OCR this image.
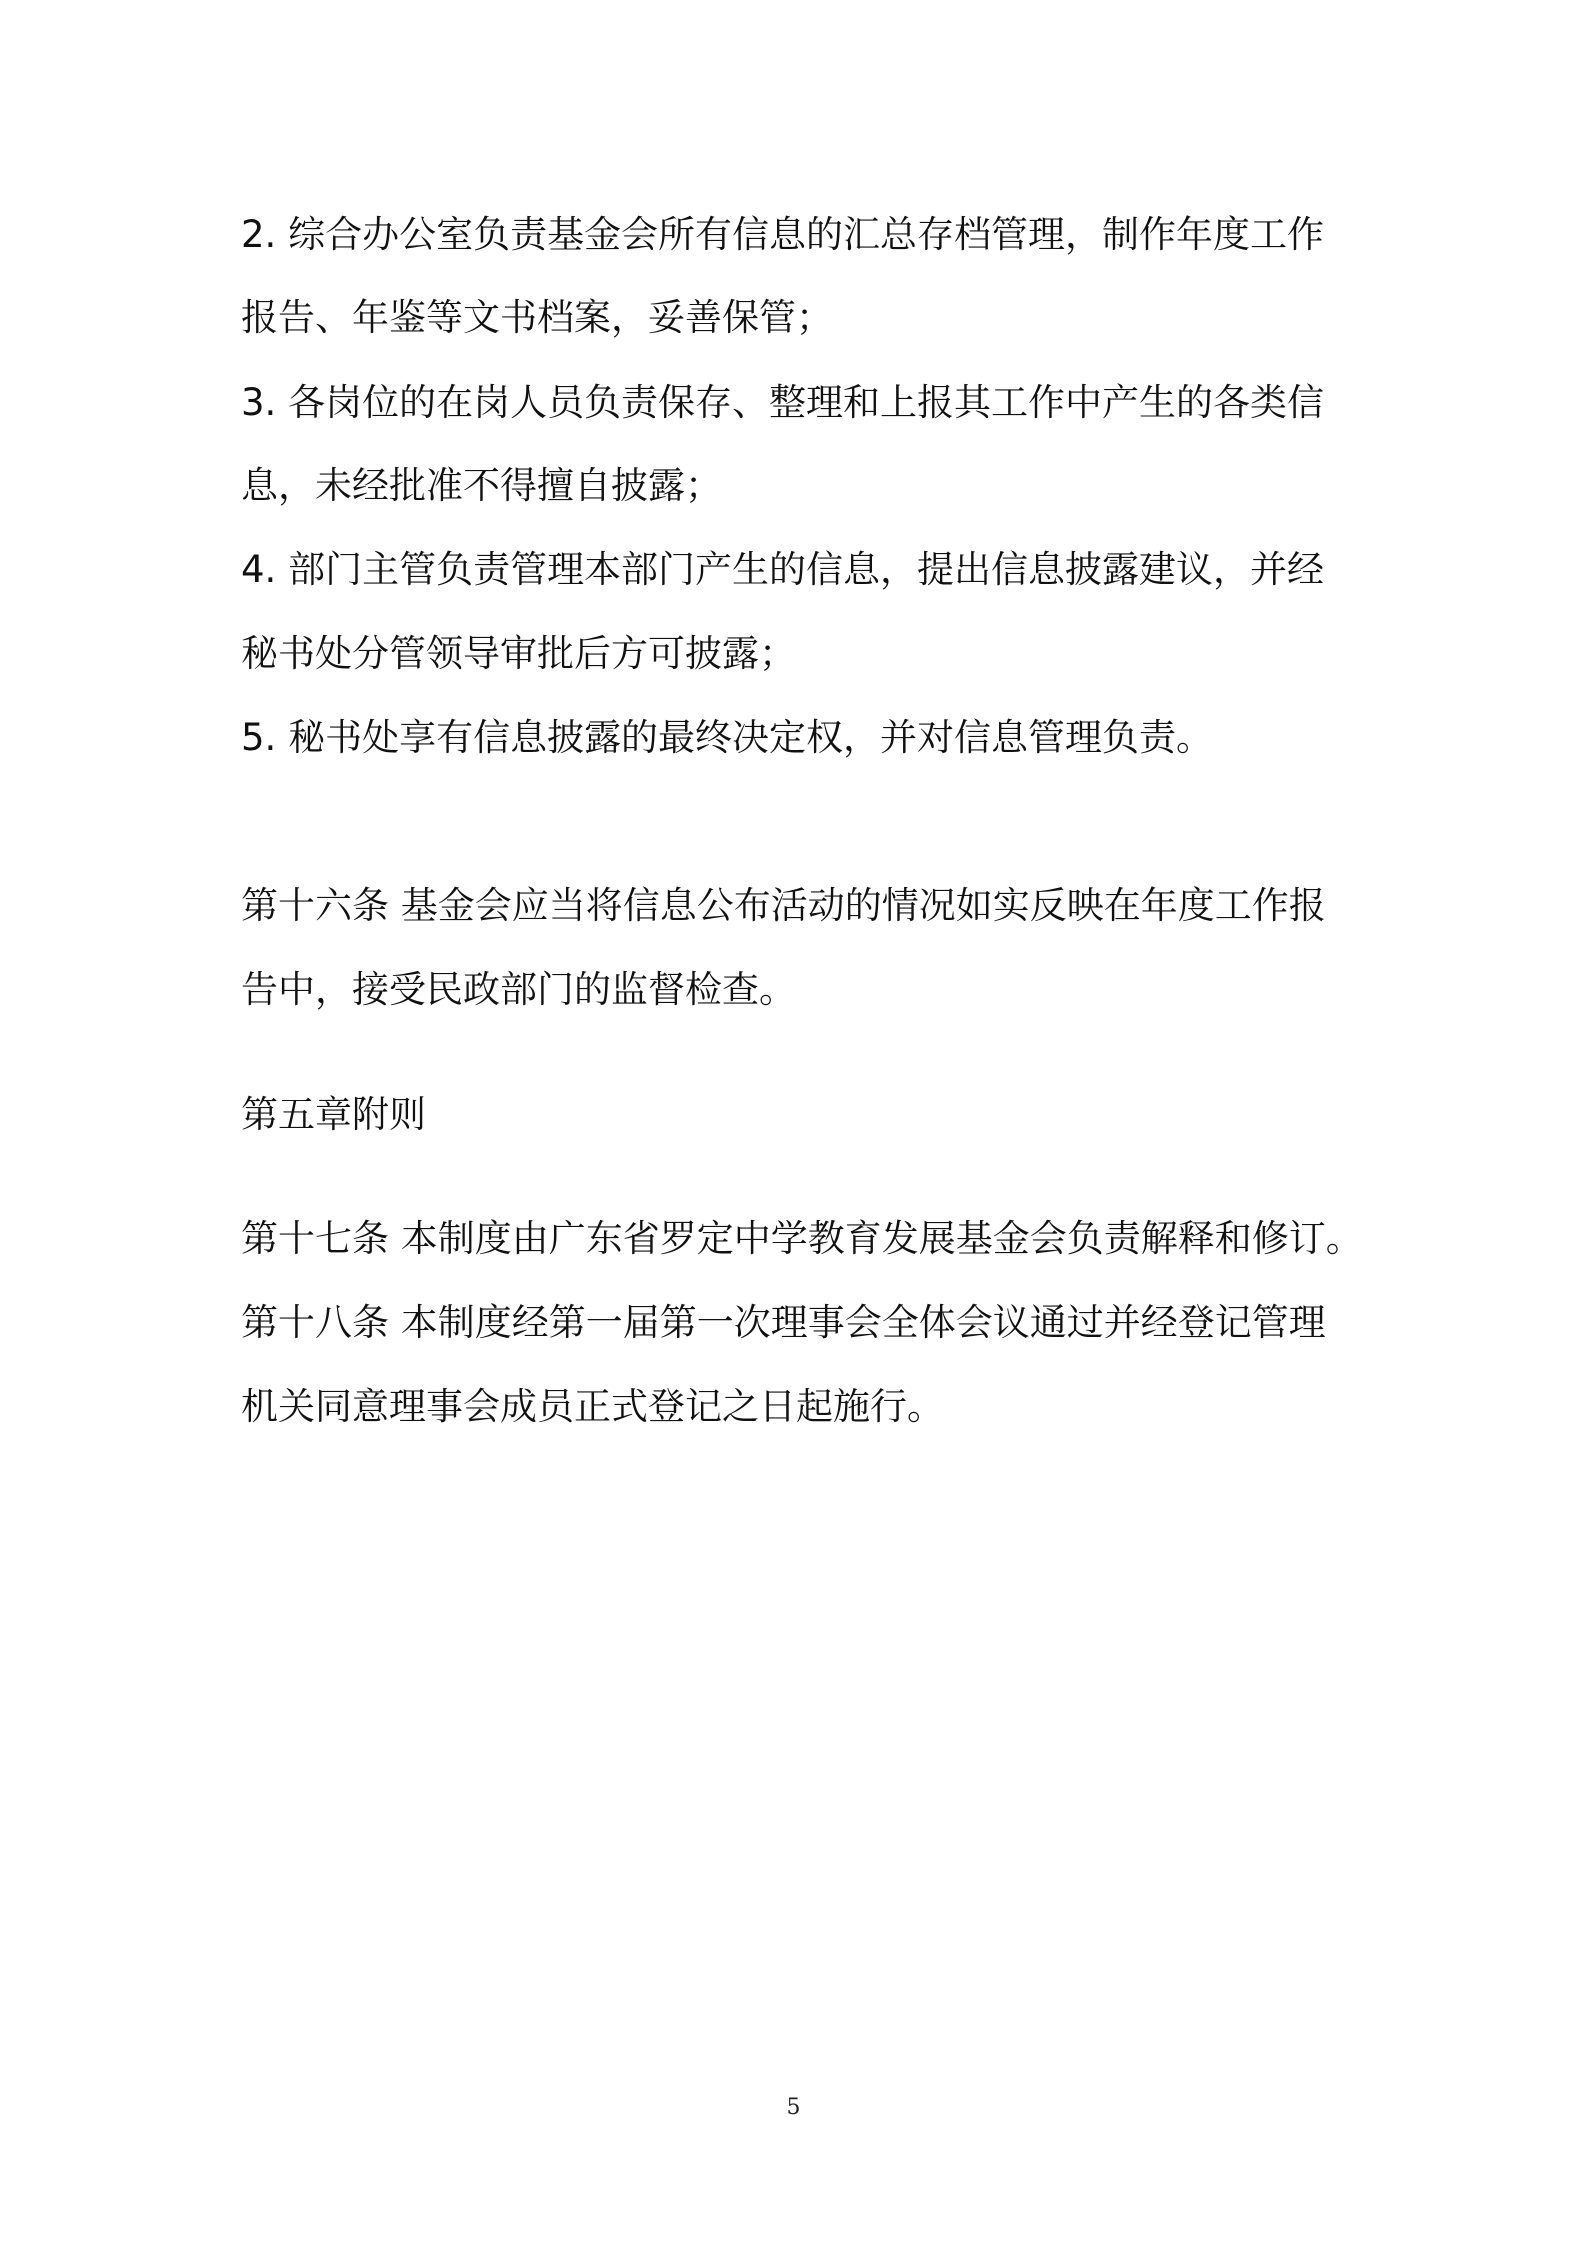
2. 综合办公室负责基金会所有信息的汇总存档管理，制作年度工作
报告、年鉴等文书档案，妥善保管；
3. 各岗位的在岗人员负责保存、整理和上报其工作中产生的各类信
息，未经批准不得擅自披露；
4. 部门主管负责管理本部门产生的信息，提出信息披露建议，并经
秘书处分管领导审批后方可披露；
5. 秘书处享有信息披露的最终决定权，并对信息管理负责。
第十六条 基金会应当将信息公布活动的情况如实反映在年度工作报
告中，接受民政部门的监督检查。
第五章附则
第十七条 本制度由广东省罗定中学教育发展基金会负责解释和修订。
第十八条 本制度经第一届第一次理事会全体会议通过并经登记管理
机关同意理事会成员正式登记之日起施行。
5
